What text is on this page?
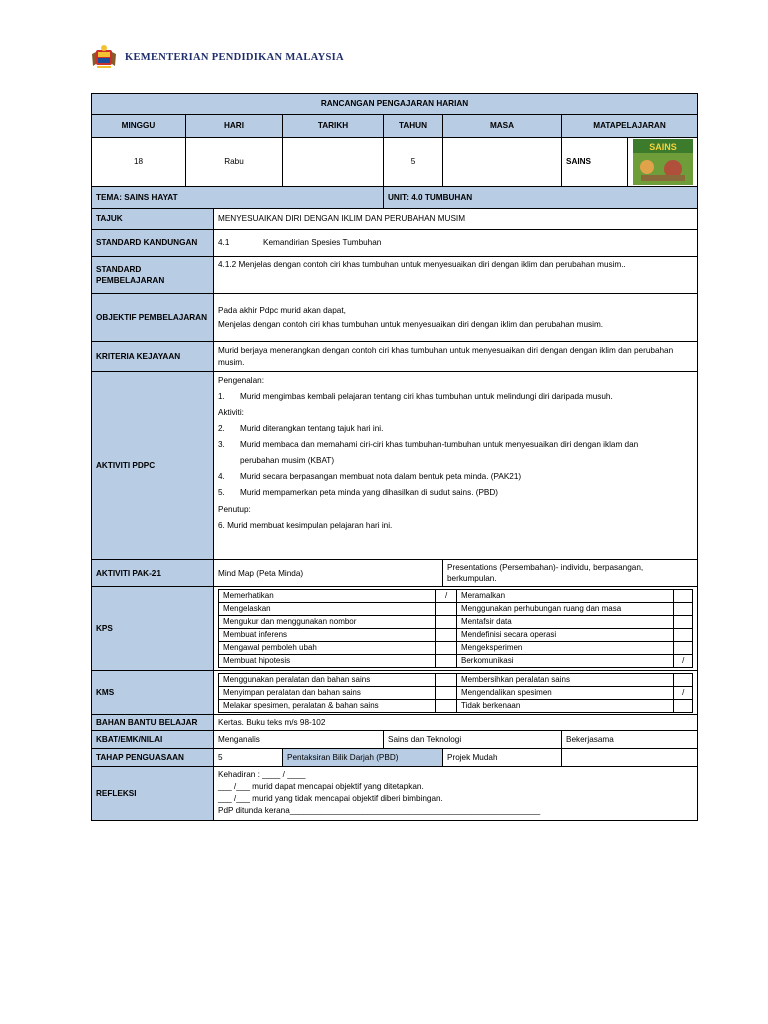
KEMENTERIAN PENDIDIKAN MALAYSIA
RANCANGAN PENGAJARAN HARIAN
MINGGU	HARI	TARIKH	TAHUN	MASA	MATAPELAJARAN
18	Rabu		5		SAINS	
SAINS

TEMA: SAINS HAYAT	UNIT: 4.0 TUMBUHAN
TAJUK	MENYESUAIKAN DIRI DENGAN IKLIM DAN PERUBAHAN MUSIM
STANDARD KANDUNGAN	4.1	Kemandirian Spesies Tumbuhan
STANDARD PEMBELAJARAN	4.1.2 Menjelas dengan contoh ciri khas tumbuhan untuk menyesuaikan diri dengan iklim dan perubahan musim..
OBJEKTIF PEMBELAJARAN	
Pada akhir Pdpc murid akan dapat,
Menjelas dengan contoh ciri khas tumbuhan untuk menyesuaikan diri dengan iklim dan perubahan musim.

KRITERIA KEJAYAAN	Murid berjaya menerangkan dengan contoh ciri khas tumbuhan untuk menyesuaikan diri dengan dengan iklim dan perubahan musim.
AKTIVITI PDPC	

Pengenalan:

1. Murid mengimbas kembali pelajaran tentang ciri khas tumbuhan untuk melindungi diri daripada musuh.

Aktiviti:

2. Murid diterangkan tentang tajuk hari ini.

3. Murid membaca dan memahami ciri-ciri khas tumbuhan-tumbuhan untuk menyesuaikan diri dengan iklam dan

perubahan musim (KBAT)

4. Murid secara berpasangan membuat nota dalam bentuk peta minda. (PAK21)

5. Murid mempamerkan peta minda yang dihasilkan di sudut sains. (PBD)

Penutup:

6. Murid membuat kesimpulan pelajaran hari ini.

AKTIVITI PAK-21	Mind Map (Peta Minda)	Presentations (Persembahan)- individu, berpasangan, berkumpulan.
KPS	
Memerhatikan	/	Meramalkan	
Mengelaskan		Menggunakan perhubungan ruang dan masa	
Mengukur dan menggunakan nombor		Mentafsir data	
Membuat inferens		Mendefinisi secara operasi	
Mengawal pemboleh ubah		Mengeksperimen	
Membuat hipotesis		Berkomunikasi	/

KMS	
Menggunakan peralatan dan bahan sains		Membersihkan peralatan sains	
Menyimpan peralatan dan bahan sains		Mengendalikan spesimen	/
Melakar spesimen, peralatan & bahan sains		Tidak berkenaan	

BAHAN BANTU BELAJAR	Kertas. Buku teks m/s 98-102
KBAT/EMK/NILAI	Menganalis	Sains dan Teknologi	Bekerjasama
TAHAP PENGUASAAN	5	Pentaksiran Bilik Darjah (PBD)	Projek Mudah	
REFLEKSI	
Kehadiran : ____ / ____
___ /___ murid dapat mencapai objektif yang ditetapkan.
___ /___ murid yang tidak mencapai objektif diberi bimbingan.
PdP ditunda kerana_______________________________________________________
